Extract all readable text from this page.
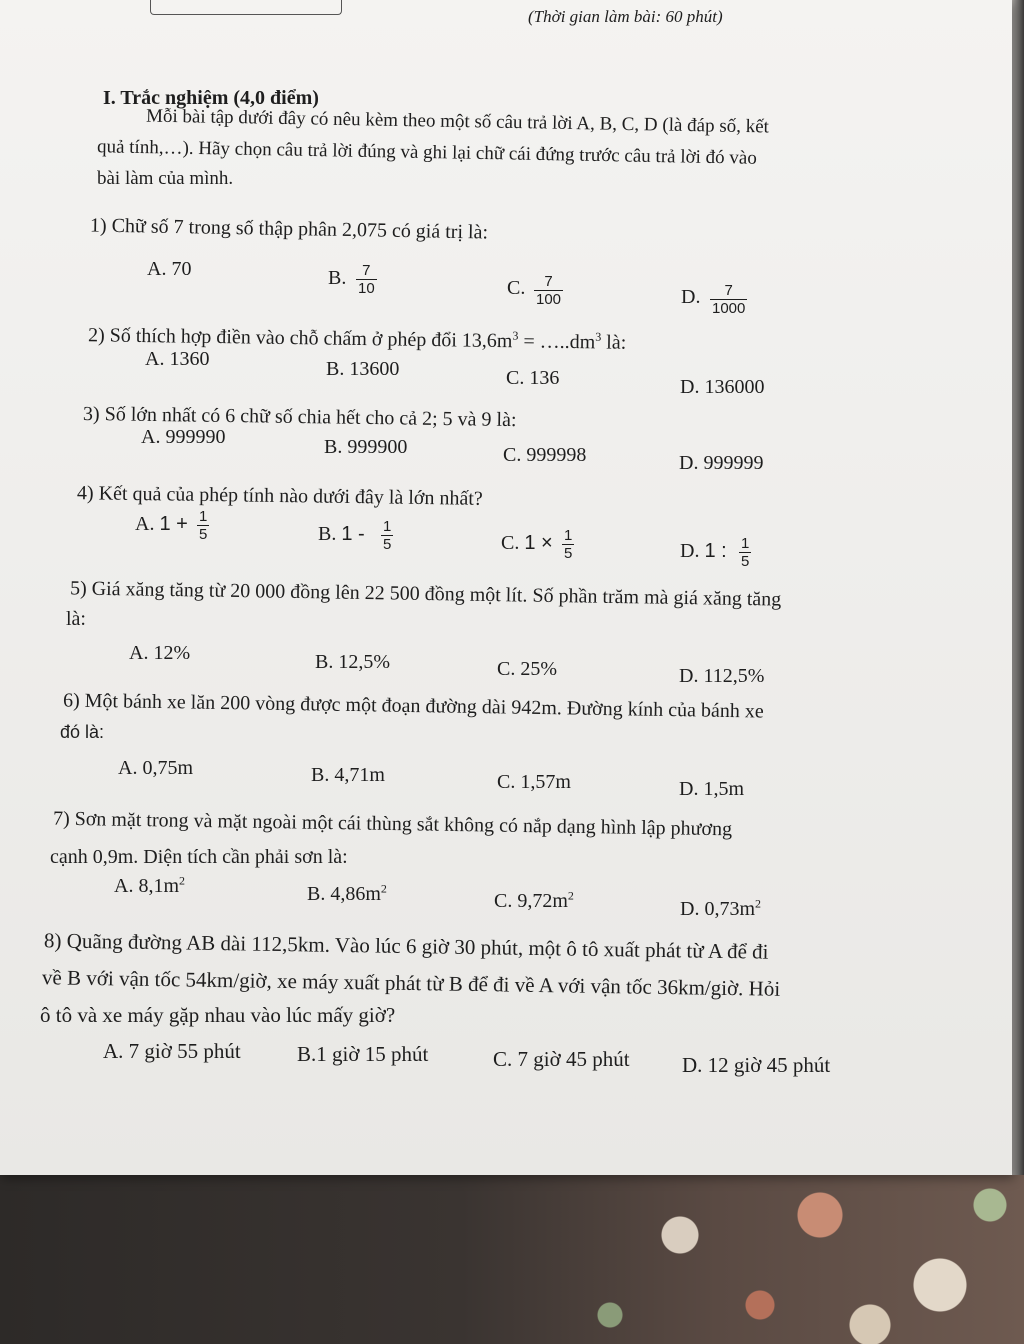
(Thời gian làm bài: 60 phút)

I. Trắc nghiệm (4,0 điểm)

Mỗi bài tập dưới đây có nêu kèm theo một số câu trả lời A, B, C, D (là đáp số, kết

quả tính,…). Hãy chọn câu trả lời đúng và ghi lại chữ cái đứng trước câu trả lời đó vào

bài làm của mình.

1) Chữ số 7 trong số thập phân 2,075 có giá trị là:

A. 70	B. $\frac{7}{10}$	C. $\frac{7}{100}$	D. $\frac{7}{1000}$

2) Số thích hợp điền vào chỗ chấm ở phép đổi $13,6m^3$ = $\dots..dm^3$ là:

A. 1360	B. 13600	C. 136	D. 136000

3) Số lớn nhất có 6 chữ số chia hết cho cả 2; 5 và 9 là:

A. 999990	B. 999900	C. 999998	D. 999999

4) Kết quả của phép tính nào dưới đây là lớn nhất?

A. $1 + \frac{1}{5}$	B. $1 - \frac{1}{5}$	C. $1 \times \frac{1}{5}$	D. 1 : $\frac{1}{5}$

5) Giá xăng tăng từ 20 000 đồng lên 22 500 đồng một lít. Số phần trăm mà giá xăng tăng

là:

A. 12%	B. 12,5%	C. 25%	D. 112,5%

6) Một bánh xe lăn 200 vòng được một đoạn đường dài 942m. Đường kính của bánh xe

đó là:

A. 0,75m	B. 4,71m	C. 1,57m	D. 1,5m

7) Sơn mặt trong và mặt ngoài một cái thùng sắt không có nắp dạng hình lập phương

cạnh 0,9m. Diện tích cần phải sơn là:

A. $8,1m^2$

B. $4,86m^2$

C. $9,72m^2$

D. $0,73m^2$

8) Quãng đường AB dài 112,5km. Vào lúc 6 giờ 30 phút, một ô tô xuất phát từ A để đi

về B với vận tốc 54km/giờ, xe máy xuất phát từ B để đi về A với vận tốc 36km/giờ. Hỏi

ô tô và xe máy gặp nhau vào lúc mấy giờ?

A. 7 giờ 55 phút	B.1 giờ 15 phút	C. 7 giờ 45 phút D. 12 giờ 45 phút
